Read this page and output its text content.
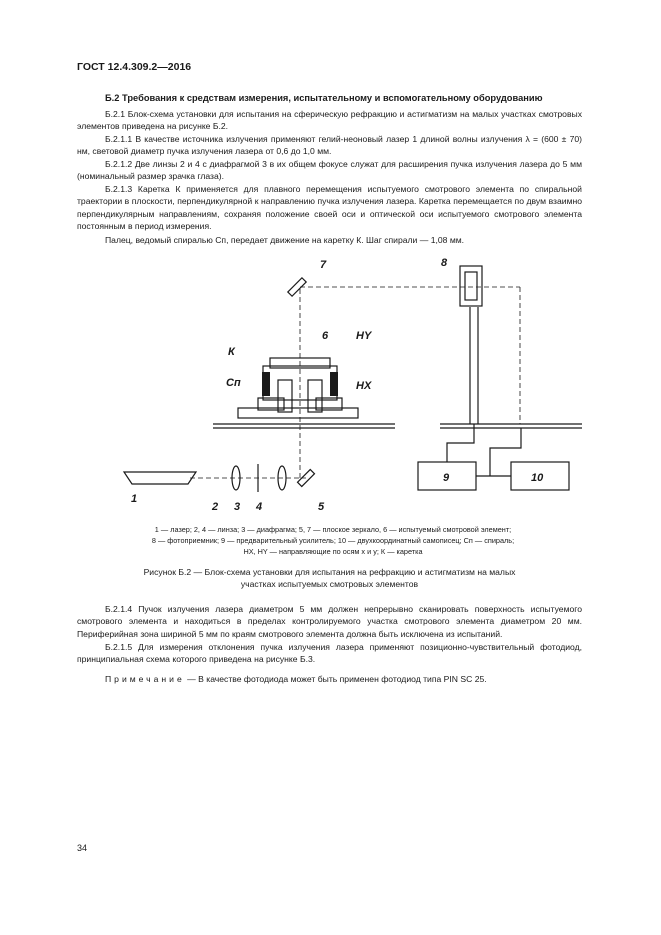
ГОСТ 12.4.309.2—2016
Б.2 Требования к средствам измерения, испытательному и вспомогательному оборудованию
Б.2.1 Блок-схема установки для испытания на сферическую рефракцию и астигматизм на малых участках смотровых элементов приведена на рисунке Б.2.
Б.2.1.1 В качестве источника излучения применяют гелий-неоновый лазер 1 длиной волны излучения λ = (600 ± 70) нм, световой диаметр пучка излучения лазера от 0,6 до 1,0 мм.
Б.2.1.2 Две линзы 2 и 4 с диафрагмой 3 в их общем фокусе служат для расширения пучка излучения лазера до 5 мм (номинальный размер зрачка глаза).
Б.2.1.3 Каретка К применяется для плавного перемещения испытуемого смотрового элемента по спиральной траектории в плоскости, перпендикулярной к направлению пучка излучения лазера. Каретка перемещается по двум взаимно перпендикулярным направлениям, сохраняя положение своей оси и оптической оси испытуемого смотрового элемента постоянным в период измерения.
Палец, ведомый спиралью Сп, передает движение на каретку К. Шаг спирали — 1,08 мм.
1
2 3 4	5
6
7	8
9	10
К
Сп
HY
HX
1 — лазер; 2, 4 — линза; 3 — диафрагма; 5, 7 — плоское зеркало, 6 — испытуемый смотровой элемент;
8 — фотоприемник; 9 — предварительный усилитель; 10 — двухкоординатный самописец; Сп — спираль;
HX, HY — направляющие по осям x и y; К — каретка
Рисунок Б.2 — Блок-схема установки для испытания на рефракцию и астигматизм на малых
участках испытуемых смотровых элементов
Б.2.1.4 Пучок излучения лазера диаметром 5 мм должен непрерывно сканировать поверхность испытуемого смотрового элемента и находиться в пределах контролируемого участка смотрового элемента диаметром 20 мм. Периферийная зона шириной 5 мм по краям смотрового элемента должна быть исключена из испытаний.
Б.2.1.5 Для измерения отклонения пучка излучения лазера применяют позиционно-чувствительный фотодиод, принципиальная схема которого приведена на рисунке Б.3.
Примечание — В качестве фотодиода может быть применен фотодиод типа PIN SC 25.
34
